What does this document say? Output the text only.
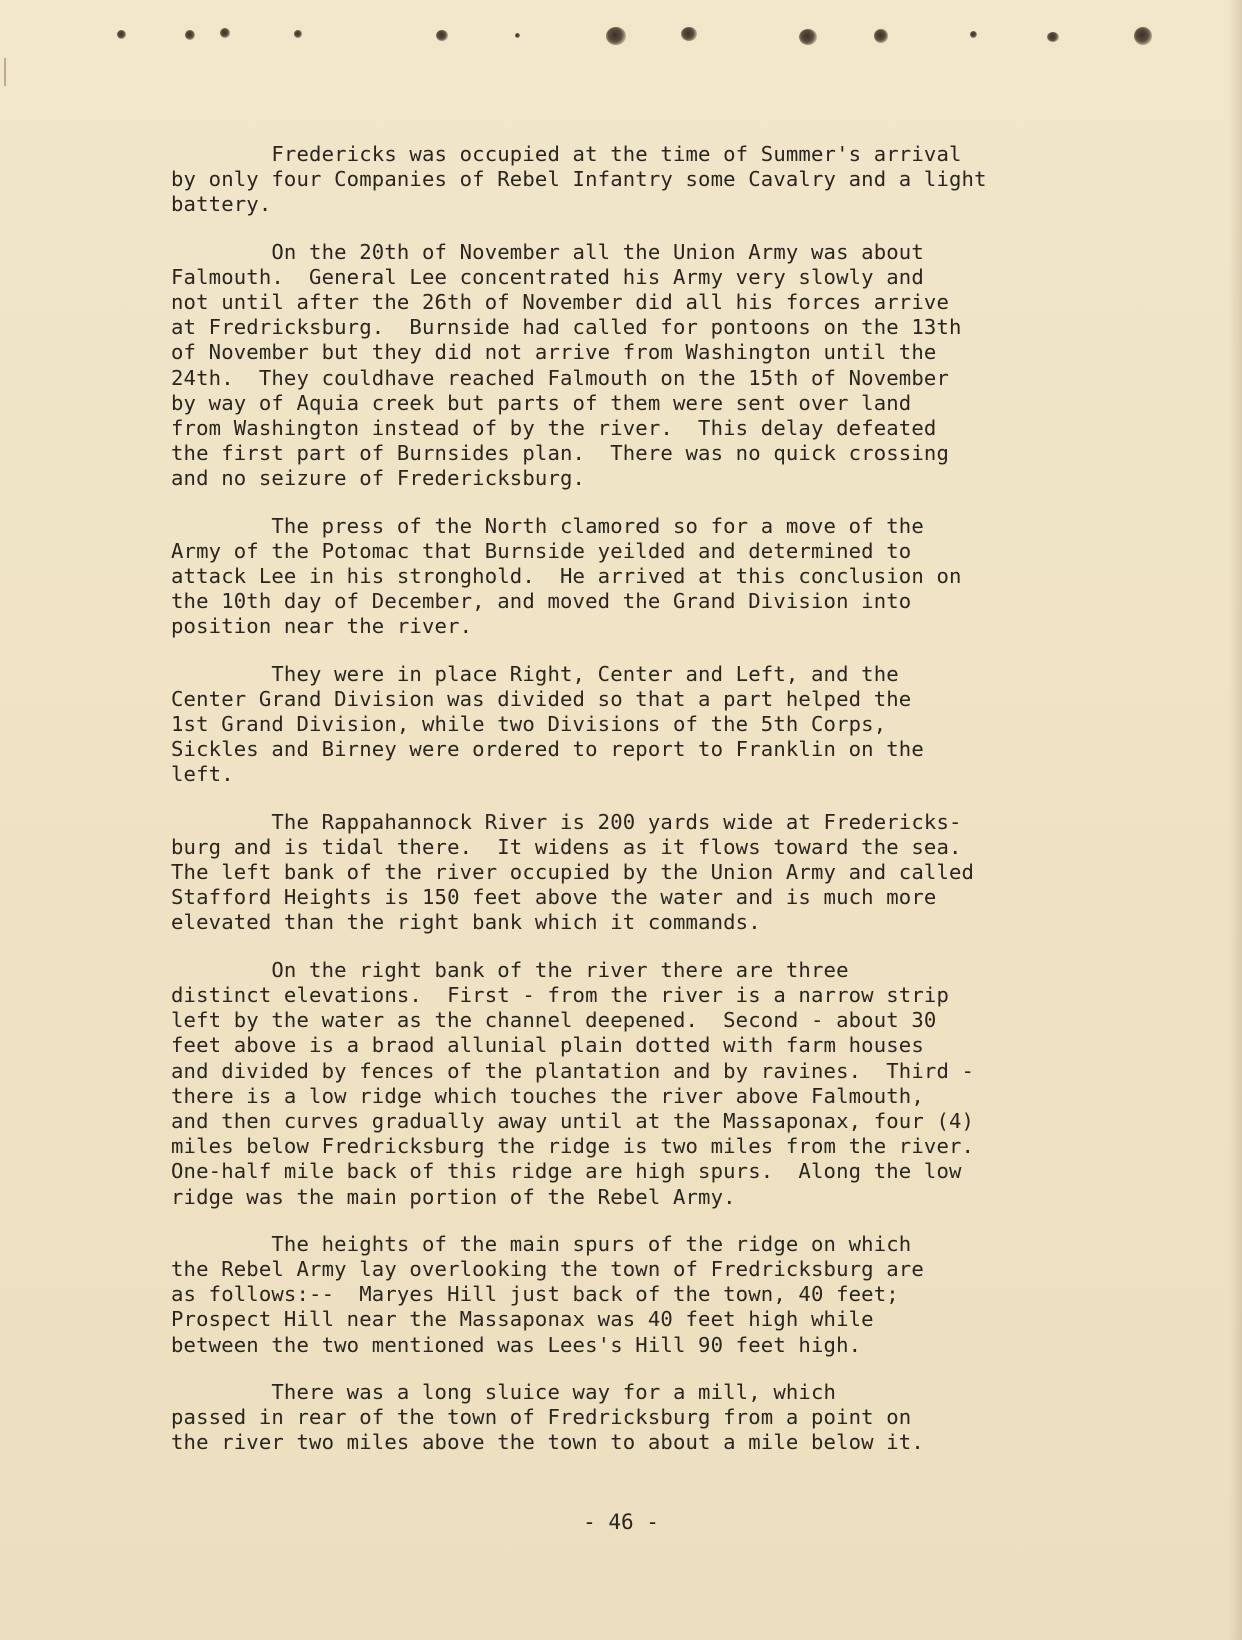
Fredericks was occupied at the time of Summer's arrival
by only four Companies of Rebel Infantry some Cavalry and a light
battery.

On the 20th of November all the Union Army was about
Falmouth.  General Lee concentrated his Army very slowly and
not until after the 26th of November did all his forces arrive
at Fredricksburg.  Burnside had called for pontoons on the 13th
of November but they did not arrive from Washington until the
24th.  They couldhave reached Falmouth on the 15th of November
by way of Aquia creek but parts of them were sent over land
from Washington instead of by the river.  This delay defeated
the first part of Burnsides plan.  There was no quick crossing
and no seizure of Fredericksburg.

The press of the North clamored so for a move of the
Army of the Potomac that Burnside yeilded and determined to
attack Lee in his stronghold.  He arrived at this conclusion on
the 10th day of December, and moved the Grand Division into
position near the river.

They were in place Right, Center and Left, and the
Center Grand Division was divided so that a part helped the
1st Grand Division, while two Divisions of the 5th Corps,
Sickles and Birney were ordered to report to Franklin on the
left.

The Rappahannock River is 200 yards wide at Fredericks-
burg and is tidal there.  It widens as it flows toward the sea.
The left bank of the river occupied by the Union Army and called
Stafford Heights is 150 feet above the water and is much more
elevated than the right bank which it commands.

On the right bank of the river there are three
distinct elevations.  First - from the river is a narrow strip
left by the water as the channel deepened.  Second - about 30
feet above is a braod allunial plain dotted with farm houses
and divided by fences of the plantation and by ravines.  Third -
there is a low ridge which touches the river above Falmouth,
and then curves gradually away until at the Massaponax, four (4)
miles below Fredricksburg the ridge is two miles from the river.
One-half mile back of this ridge are high spurs.  Along the low
ridge was the main portion of the Rebel Army.

The heights of the main spurs of the ridge on which
the Rebel Army lay overlooking the town of Fredricksburg are
as follows:--  Maryes Hill just back of the town, 40 feet;
Prospect Hill near the Massaponax was 40 feet high while
between the two mentioned was Lees's Hill 90 feet high.

There was a long sluice way for a mill, which
passed in rear of the town of Fredricksburg from a point on
the river two miles above the town to about a mile below it.

- 46 -
